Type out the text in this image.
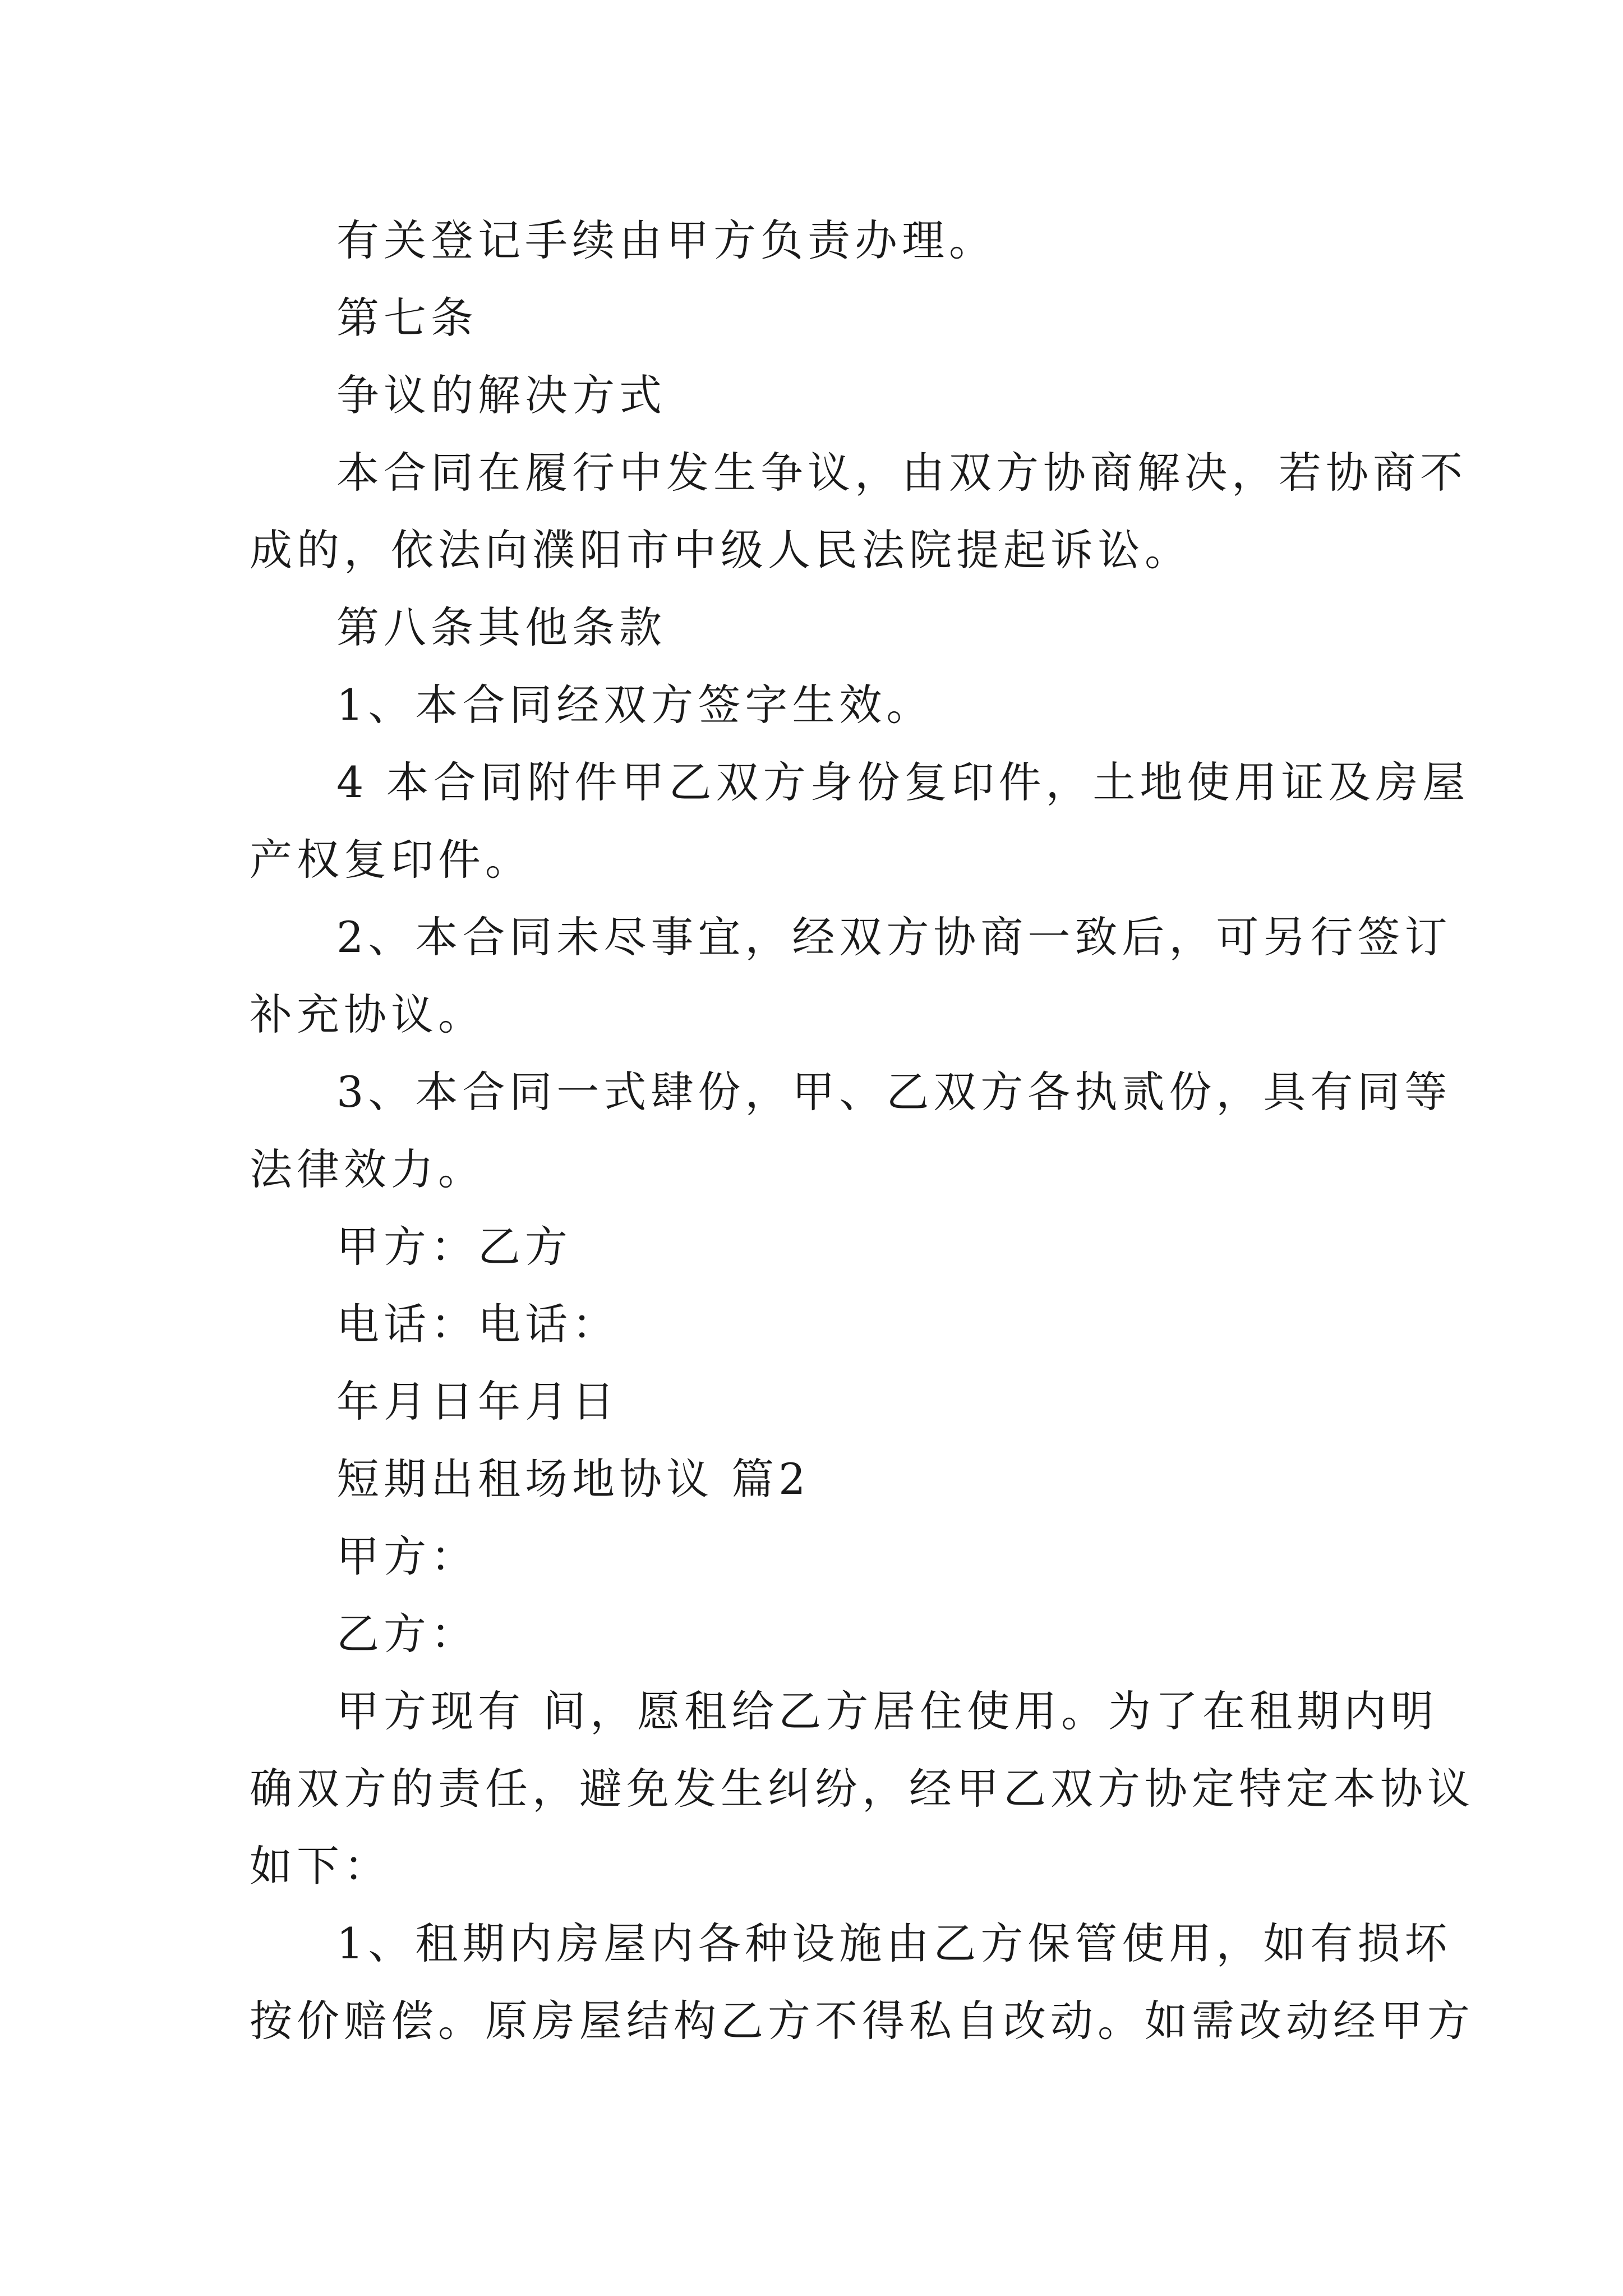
有关登记手续由甲方负责办理。
第七条
争议的解决方式
本合同在履行中发生争议，由双方协商解决，若协商不
成的，依法向濮阳市中级人民法院提起诉讼。
第八条其他条款
1、本合同经双方签字生效。
4 本合同附件甲乙双方身份复印件，土地使用证及房屋
产权复印件。
2、本合同未尽事宜，经双方协商一致后，可另行签订
补充协议。
3、本合同一式肆份，甲、乙双方各执贰份，具有同等
法律效力。
甲方：乙方
电话：电话：
年月日年月日
短期出租场地协议 篇2
甲方：
乙方：
甲方现有 间，愿租给乙方居住使用。为了在租期内明
确双方的责任，避免发生纠纷，经甲乙双方协定特定本协议
如下：
1、租期内房屋内各种设施由乙方保管使用，如有损坏
按价赔偿。原房屋结构乙方不得私自改动。如需改动经甲方
